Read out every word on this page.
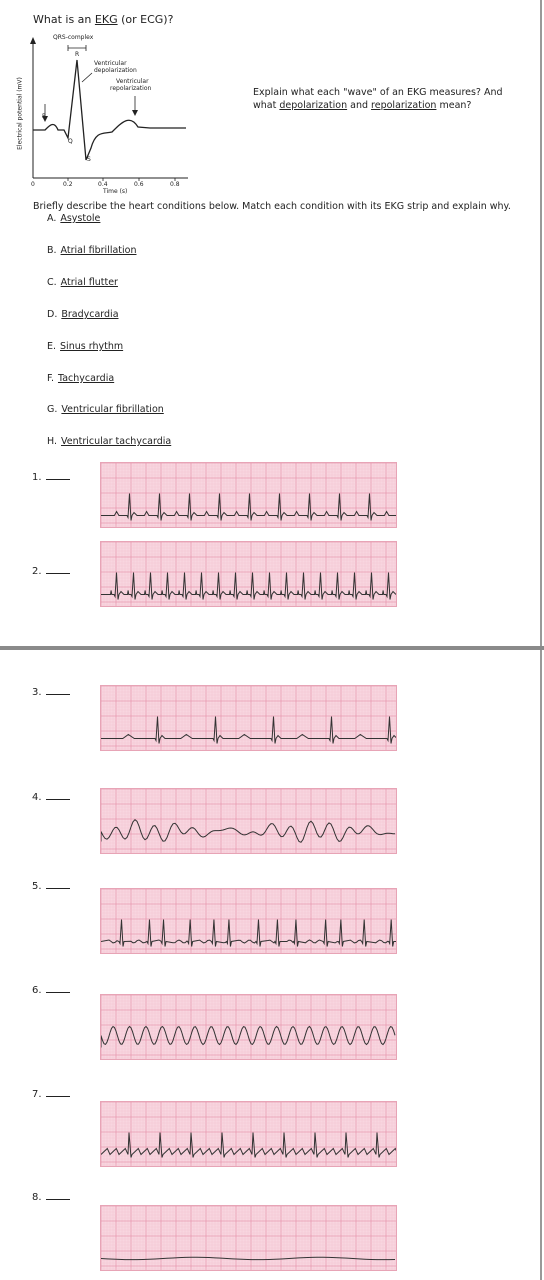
What is an EKG (or ECG)?
QRS-complex
R
Ventricular
depolarization
Ventricular
repolarization
P
Q
S
Electrical potential (mV)
0	0.2	0.4	0.6	0.8
Time (s)
Explain what each "wave" of an EKG measures? And
what depolarization and repolarization mean?
Briefly describe the heart conditions below. Match each condition with its EKG strip and explain why.
A. Asystole
B. Atrial fibrillation
C. Atrial flutter
D. Bradycardia
E. Sinus rhythm
F. Tachycardia
G. Ventricular fibrillation
H. Ventricular tachycardia
1.
2.
3.
4.
5.
6.
7.
8.
